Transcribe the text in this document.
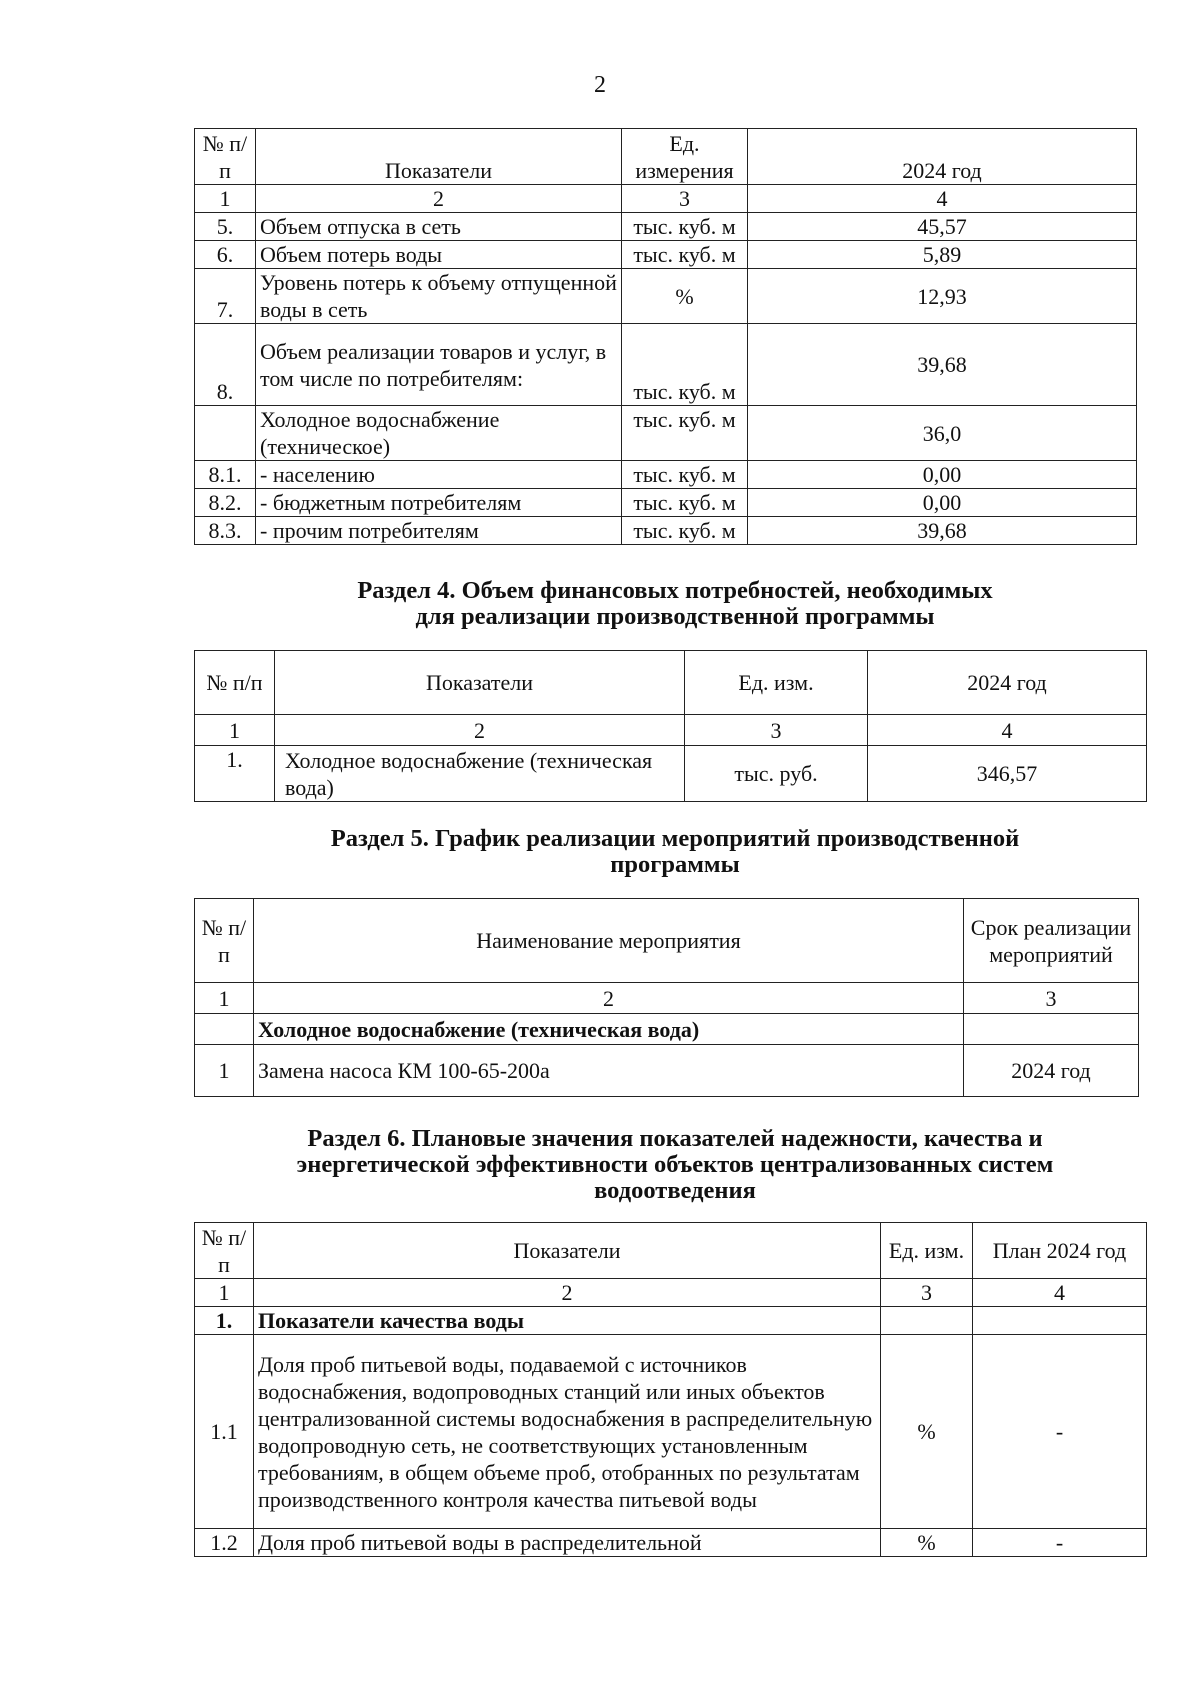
2
№ п/п	Показатели	Ед. измерения	2024 год
1	2	3	4
5.	Объем отпуска в сеть	тыс. куб. м	45,57
6.	Объем потерь воды	тыс. куб. м	5,89
7.	Уровень потерь к объему отпущенной воды в сеть	%	12,93
8.	Объем реализации товаров и услуг, в том числе по потребителям:	тыс. куб. м	39,68
	Холодное водоснабжение (техническое)	тыс. куб. м	36,0
8.1.	- населению	тыс. куб. м	0,00
8.2.	- бюджетным потребителям	тыс. куб. м	0,00
8.3.	- прочим потребителям	тыс. куб. м	39,68
Раздел 4. Объем финансовых потребностей, необходимых
для реализации производственной программы
№ п/п	Показатели	Ед. изм.	2024 год
1	2	3	4
1.	Холодное водоснабжение (техническая вода)	тыс. руб.	346,57
Раздел 5. График реализации мероприятий производственной
программы
№ п/п	Наименование мероприятия	Срок реализации мероприятий
1	2	3
	Холодное водоснабжение (техническая вода)	
1	Замена насоса КМ 100-65-200а	2024 год
Раздел 6. Плановые значения показателей надежности, качества и
энергетической эффективности объектов централизованных систем
водоотведения
№ п/п	Показатели	Ед. изм.	План 2024 год
1	2	3	4
1.	Показатели качества воды		
1.1	Доля проб питьевой воды, подаваемой с источников водоснабжения, водопроводных станций или иных объектов централизованной системы водоснабжения в распределительную водопроводную сеть, не соответствующих установленным требованиям, в общем объеме проб, отобранных по результатам производственного контроля качества питьевой воды	%	-
1.2	Доля проб питьевой воды в распределительной	%	-
